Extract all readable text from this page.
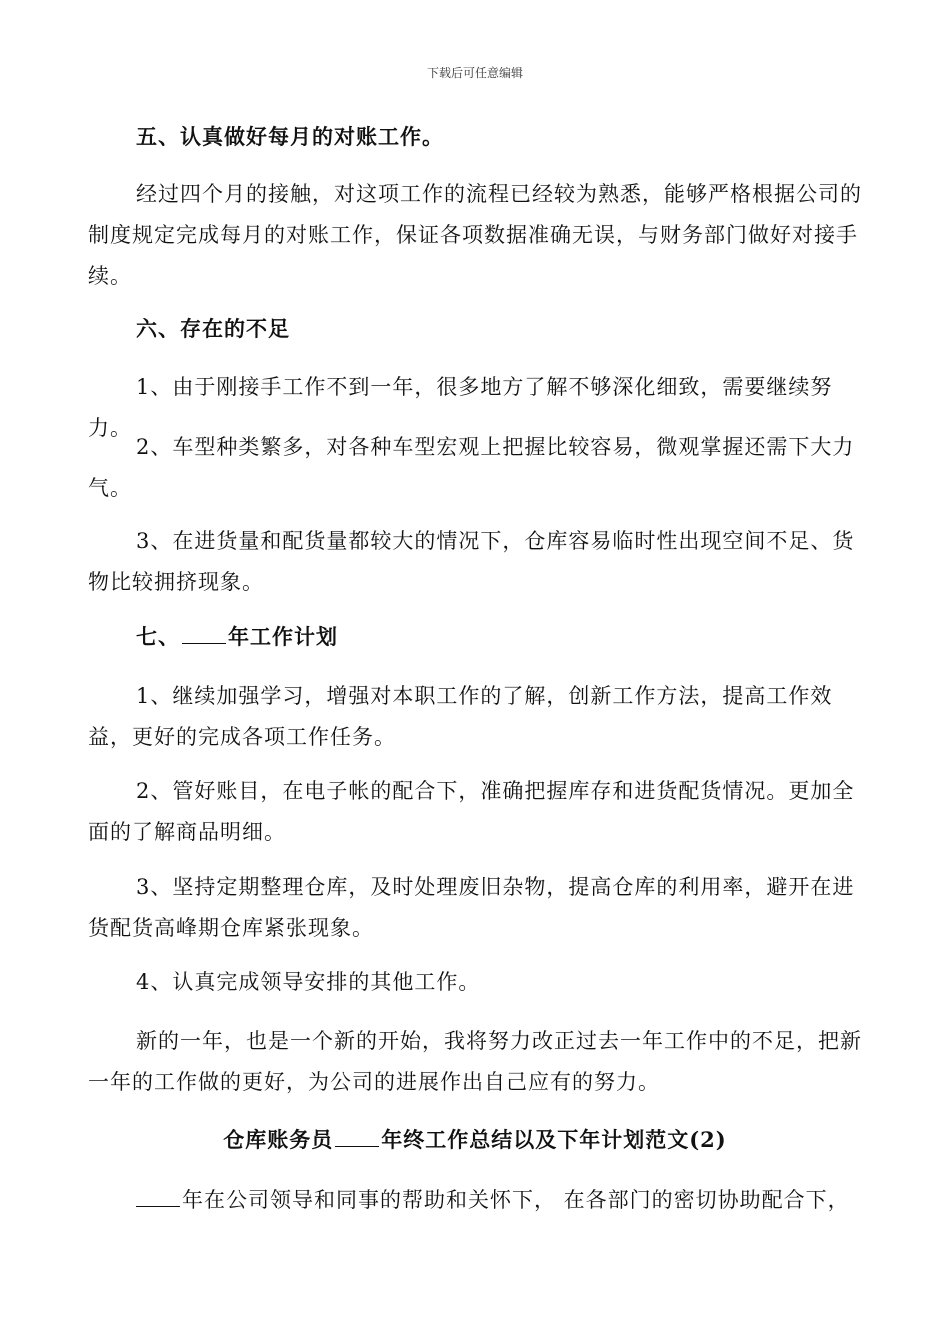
下载后可任意编辑
五、认真做好每月的对账工作。
经过四个月的接触，对这项工作的流程已经较为熟悉，能够严格根据公司的制度规定完成每月的对账工作，保证各项数据准确无误，与财务部门做好对接手续。
六、存在的不足
1、由于刚接手工作不到一年，很多地方了解不够深化细致，需要继续努力。
2、车型种类繁多，对各种车型宏观上把握比较容易，微观掌握还需下大力气。
3、在进货量和配货量都较大的情况下，仓库容易临时性出现空间不足、货物比较拥挤现象。
七、 年工作计划
1、继续加强学习，增强对本职工作的了解，创新工作方法，提高工作效益，更好的完成各项工作任务。
2、管好账目，在电子帐的配合下，准确把握库存和进货配货情况。更加全面的了解商品明细。
3、坚持定期整理仓库，及时处理废旧杂物，提高仓库的利用率，避开在进货配货高峰期仓库紧张现象。
4、认真完成领导安排的其他工作。
新的一年，也是一个新的开始，我将努力改正过去一年工作中的不足，把新一年的工作做的更好，为公司的进展作出自己应有的努力。
仓库账务员 年终工作总结以及下年计划范文(2)
年在公司领导和同事的帮助和关怀下， 在各部门的密切协助配合下，
